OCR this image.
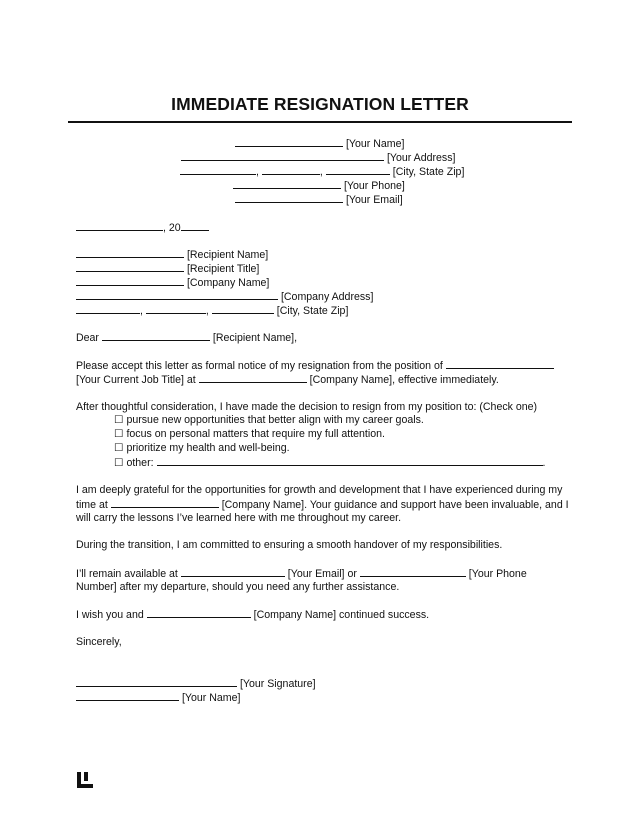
IMMEDIATE RESIGNATION LETTER
[Your Name]
[Your Address]
,	,	[City, State Zip]
[Your Phone]
[Your Email]
, 20
[Recipient Name]
[Recipient Title]
[Company Name]
[Company Address]
,	,	[City, State Zip]
Dear	[Recipient Name],
Please accept this letter as formal notice of my resignation from the position of
[Your Current Job Title] at	[Company Name], effective immediately.
After thoughtful consideration, I have made the decision to resign from my position to: (Check one)
☐ pursue new opportunities that better align with my career goals.
☐ focus on personal matters that require my full attention.
☐ prioritize my health and well-being.
☐ other:	.
I am deeply grateful for the opportunities for growth and development that I have experienced during my
time at	[Company Name]. Your guidance and support have been invaluable, and I
will carry the lessons I’ve learned here with me throughout my career.
During the transition, I am committed to ensuring a smooth handover of my responsibilities.
I’ll remain available at	[Your Email] or	[Your Phone
Number] after my departure, should you need any further assistance.
I wish you and	[Company Name] continued success.
Sincerely,
[Your Signature]
[Your Name]
